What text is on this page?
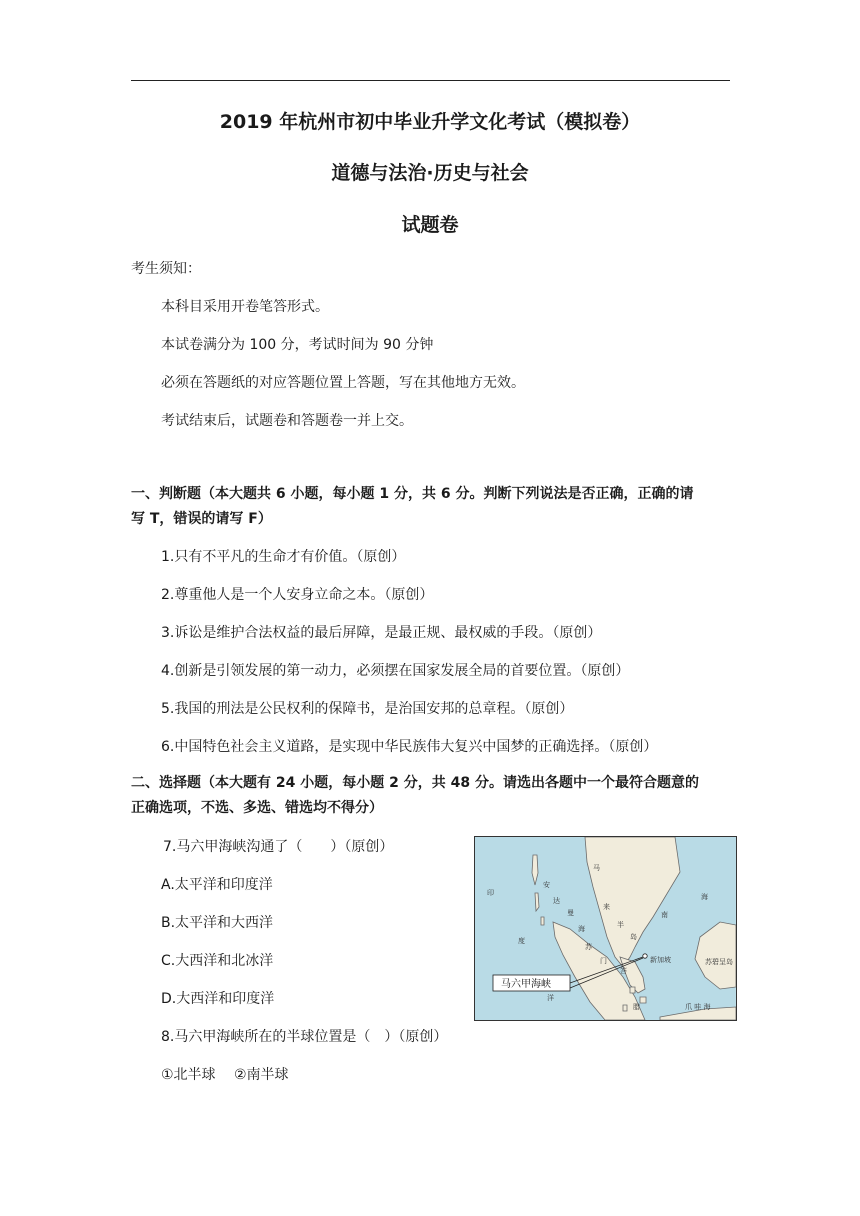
2019 年杭州市初中毕业升学文化考试（模拟卷）
道德与法治·历史与社会
试题卷
考生须知：
本科目采用开卷笔答形式。
本试卷满分为 100 分，考试时间为 90 分钟
必须在答题纸的对应答题位置上答题，写在其他地方无效。
考试结束后，试题卷和答题卷一并上交。
一、判断题（本大题共 6 小题，每小题 1 分，共 6 分。判断下列说法是否正确，正确的请
写 T，错误的请写 F）
1.只有不平凡的生命才有价值。（原创）
2.尊重他人是一个人安身立命之本。（原创）
3.诉讼是维护合法权益的最后屏障，是最正规、最权威的手段。（原创）
4.创新是引领发展的第一动力，必须摆在国家发展全局的首要位置。（原创）
5.我国的刑法是公民权利的保障书，是治国安邦的总章程。（原创）
6.中国特色社会主义道路，是实现中华民族伟大复兴中国梦的正确选择。（原创）
二、选择题（本大题有 24 小题，每小题 2 分，共 48 分。请选出各题中一个最符合题意的
正确选项，不选、多选、错选均不得分）
7.马六甲海峡沟通了（　　）（原创）
A.太平洋和印度洋
B.太平洋和大西洋
C.大西洋和北冰洋
D.大西洋和印度洋
8.马六甲海峡所在的半球位置是（　）（原创）
①北半球　 ②南半球
印
度
洋
安
达
曼
海
马
来
半
岛
南
海
苏
门
答
腊
新加坡	苏碧呈岛
爪 哇 海
马六甲海峡
